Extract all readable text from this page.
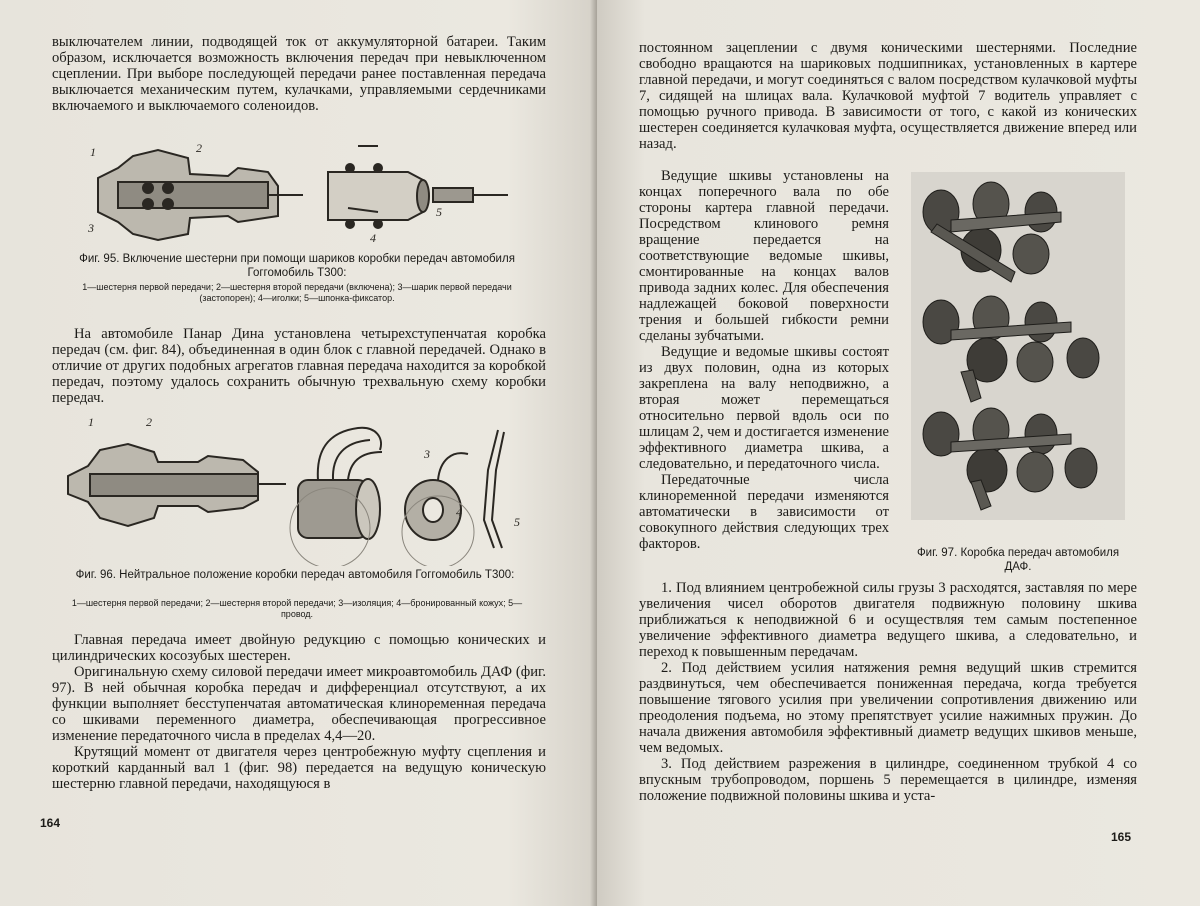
выключателем линии, подводящей ток от аккумуляторной батареи. Таким образом, исключается возможность включения передач при невыключенном сцеплении. При выборе последующей передачи ранее поставленная передача выключается механическим путем, кулачками, управляемыми сердечниками включаемого и выключаемого соленоидов.

1	2
3
4
5

Фиг. 95. Включение шестерни при помощи шариков коробки передач автомобиля Гоггомобиль Т300:

1—шестерня первой передачи; 2—шестерня второй передачи (включена); 3—шарик первой передачи (застопорен); 4—иголки; 5—шпонка-фиксатор.

На автомобиле Панар Дина установлена четырехступенчатая коробка передач (см. фиг. 84), объединенная в один блок с главной передачей. Однако в отличие от других подобных агрегатов главная передача находится за коробкой передач, поэтому удалось сохранить обычную трехвальную схему коробки передач.

1	2
3
4
5

Фиг. 96. Нейтральное положение коробки передач автомобиля Гоггомобиль Т300:

1—шестерня первой передачи; 2—шестерня второй передачи; 3—изоляция; 4—бронированный кожух; 5—провод.

Главная передача имеет двойную редукцию с помощью конических и цилиндрических косозубых шестерен.

Оригинальную схему силовой передачи имеет микроавтомобиль ДАФ (фиг. 97). В ней обычная коробка передач и дифференциал отсутствуют, а их функции выполняет бесступенчатая автоматическая клиноременная передача со шкивами переменного диаметра, обеспечивающая прогрессивное изменение передаточного числа в пределах 4,4—20.

Крутящий момент от двигателя через центробежную муфту сцепления и короткий карданный вал 1 (фиг. 98) передается на ведущую коническую шестерню главной передачи, находящуюся в

164

постоянном зацеплении с двумя коническими шестернями. Последние свободно вращаются на шариковых подшипниках, установленных в картере главной передачи, и могут соединяться с валом посредством кулачковой муфты 7, сидящей на шлицах вала. Кулачковой муфтой 7 водитель управляет с помощью ручного привода. В зависимости от того, с какой из конических шестерен соединяется кулачковая муфта, осуществляется движение вперед или назад.

Ведущие шкивы установлены на концах поперечного вала по обе стороны картера главной передачи. Посредством клинового ремня вращение передается на соответствующие ведомые шкивы, смонтированные на концах валов привода задних колес. Для обеспечения надлежащей боковой поверхности трения и большей гибкости ремни сделаны зубчатыми.

Ведущие и ведомые шкивы состоят из двух половин, одна из которых закреплена на валу неподвижно, а вторая может перемещаться относительно первой вдоль оси по шлицам 2, чем и достигается изменение эффективного диаметра шкива, а следовательно, и передаточного числа.

Передаточные числа клиноременной передачи изменяются автоматически в зависимости от совокупного действия следующих трех факторов.

Фиг. 97. Коробка передач автомобиля ДАФ.

1. Под влиянием центробежной силы грузы 3 расходятся, заставляя по мере увеличения чисел оборотов двигателя подвижную половину шкива приближаться к неподвижной 6 и осуществляя тем самым постепенное увеличение эффективного диаметра ведущего шкива, а следовательно, и переход к повышенным передачам.

2. Под действием усилия натяжения ремня ведущий шкив стремится раздвинуться, чем обеспечивается пониженная передача, когда требуется повышение тягового усилия при увеличении сопротивления движению или преодоления подъема, но этому препятствует усилие нажимных пружин. До начала движения автомобиля эффективный диаметр ведущих шкивов меньше, чем ведомых.

3. Под действием разрежения в цилиндре, соединенном трубкой 4 со впускным трубопроводом, поршень 5 перемещается в цилиндре, изменяя положение подвижной половины шкива и уста-

165
